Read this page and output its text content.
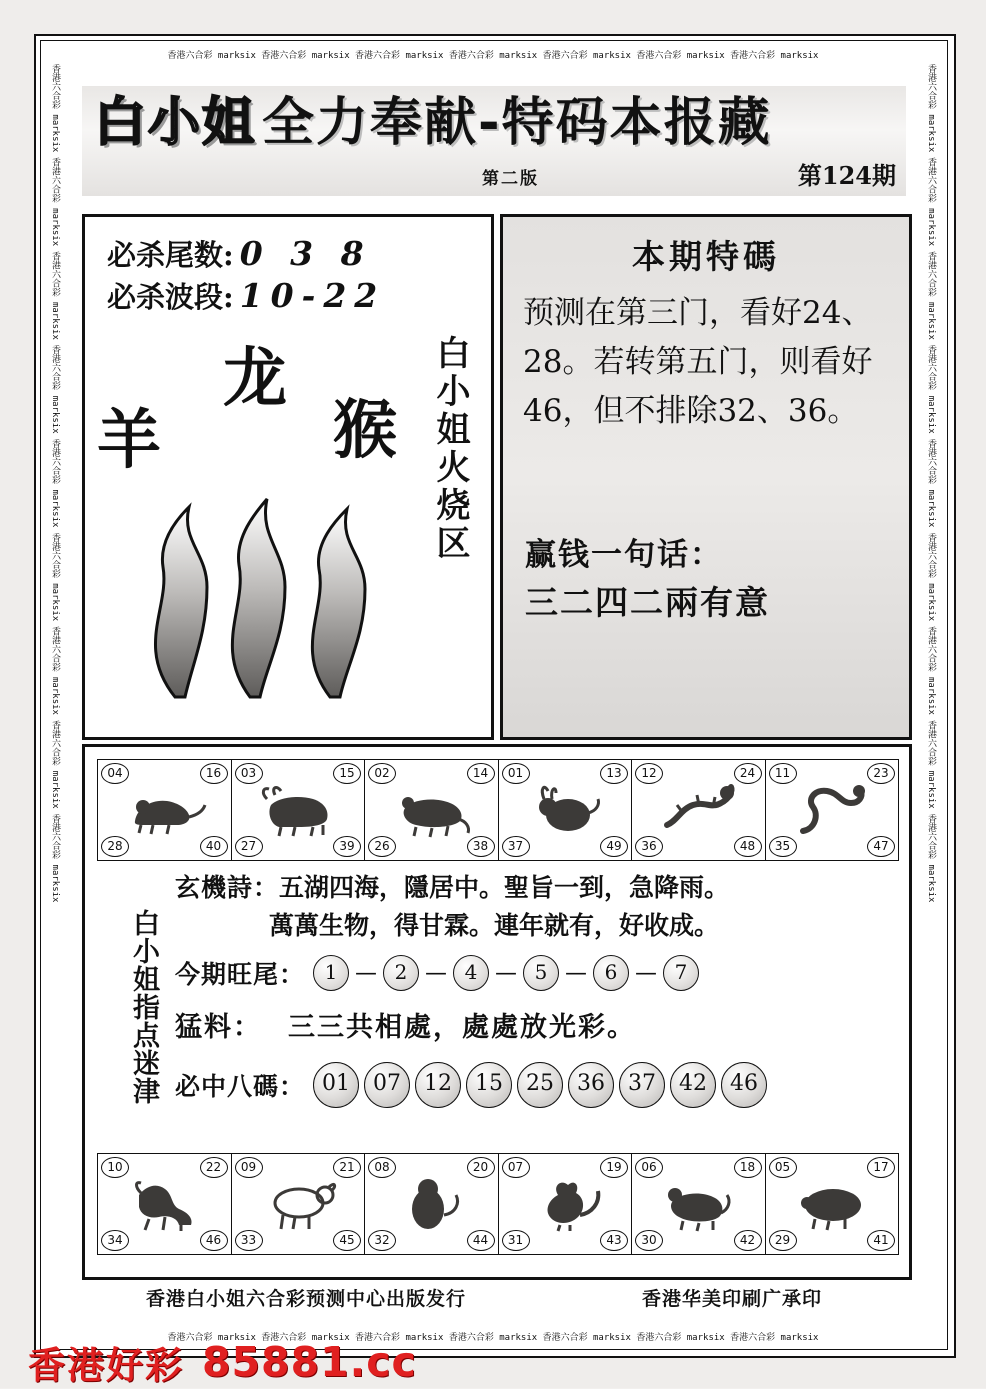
香港六合彩 marksix 香港六合彩 marksix 香港六合彩 marksix 香港六合彩 marksix 香港六合彩 marksix 香港六合彩 marksix 香港六合彩 marksix
香港六合彩 marksix 香港六合彩 marksix 香港六合彩 marksix 香港六合彩 marksix 香港六合彩 marksix 香港六合彩 marksix 香港六合彩 marksix
香港六合彩 marksix 香港六合彩 marksix 香港六合彩 marksix 香港六合彩 marksix 香港六合彩 marksix 香港六合彩 marksix 香港六合彩 marksix 香港六合彩 marksix 香港六合彩 marksix	香港六合彩 marksix 香港六合彩 marksix 香港六合彩 marksix 香港六合彩 marksix 香港六合彩 marksix 香港六合彩 marksix 香港六合彩 marksix 香港六合彩 marksix 香港六合彩 marksix
白小姐 全力奉献-特码本报藏
第124期
第二版
必杀尾数: 0 3 8
必杀波段: 10-22
羊
龙
猴 白小姐火烧区
本期特碼
预测在第三门，看好24、28。若转第五门，则看好46，但不排除32、36。
赢钱一句话：
三二四二兩有意
04	16
28	40
03	15
27	39
02	14
26	38
01	13
37	49
12	24
36	48
11	23
35	47
白小姐指点迷津
玄機詩：五湖四海，隱居中。聖旨一到，急降雨。
萬萬生物，得甘霖。連年就有，好收成。
今期旺尾： 1 — 2 — 4 — 5 — 6 — 7
猛料： 三三共相處，處處放光彩。
必中八碼： 01	07	12	15	25	36	37	42	46
10	22
34	46
09	21
33	45
08	20
32	44
07	19
31	43
06	18
30	42
05	17
29	41
香港白小姐六合彩预测中心出版发行	香港华美印刷广承印
香港好彩 85881.cc
